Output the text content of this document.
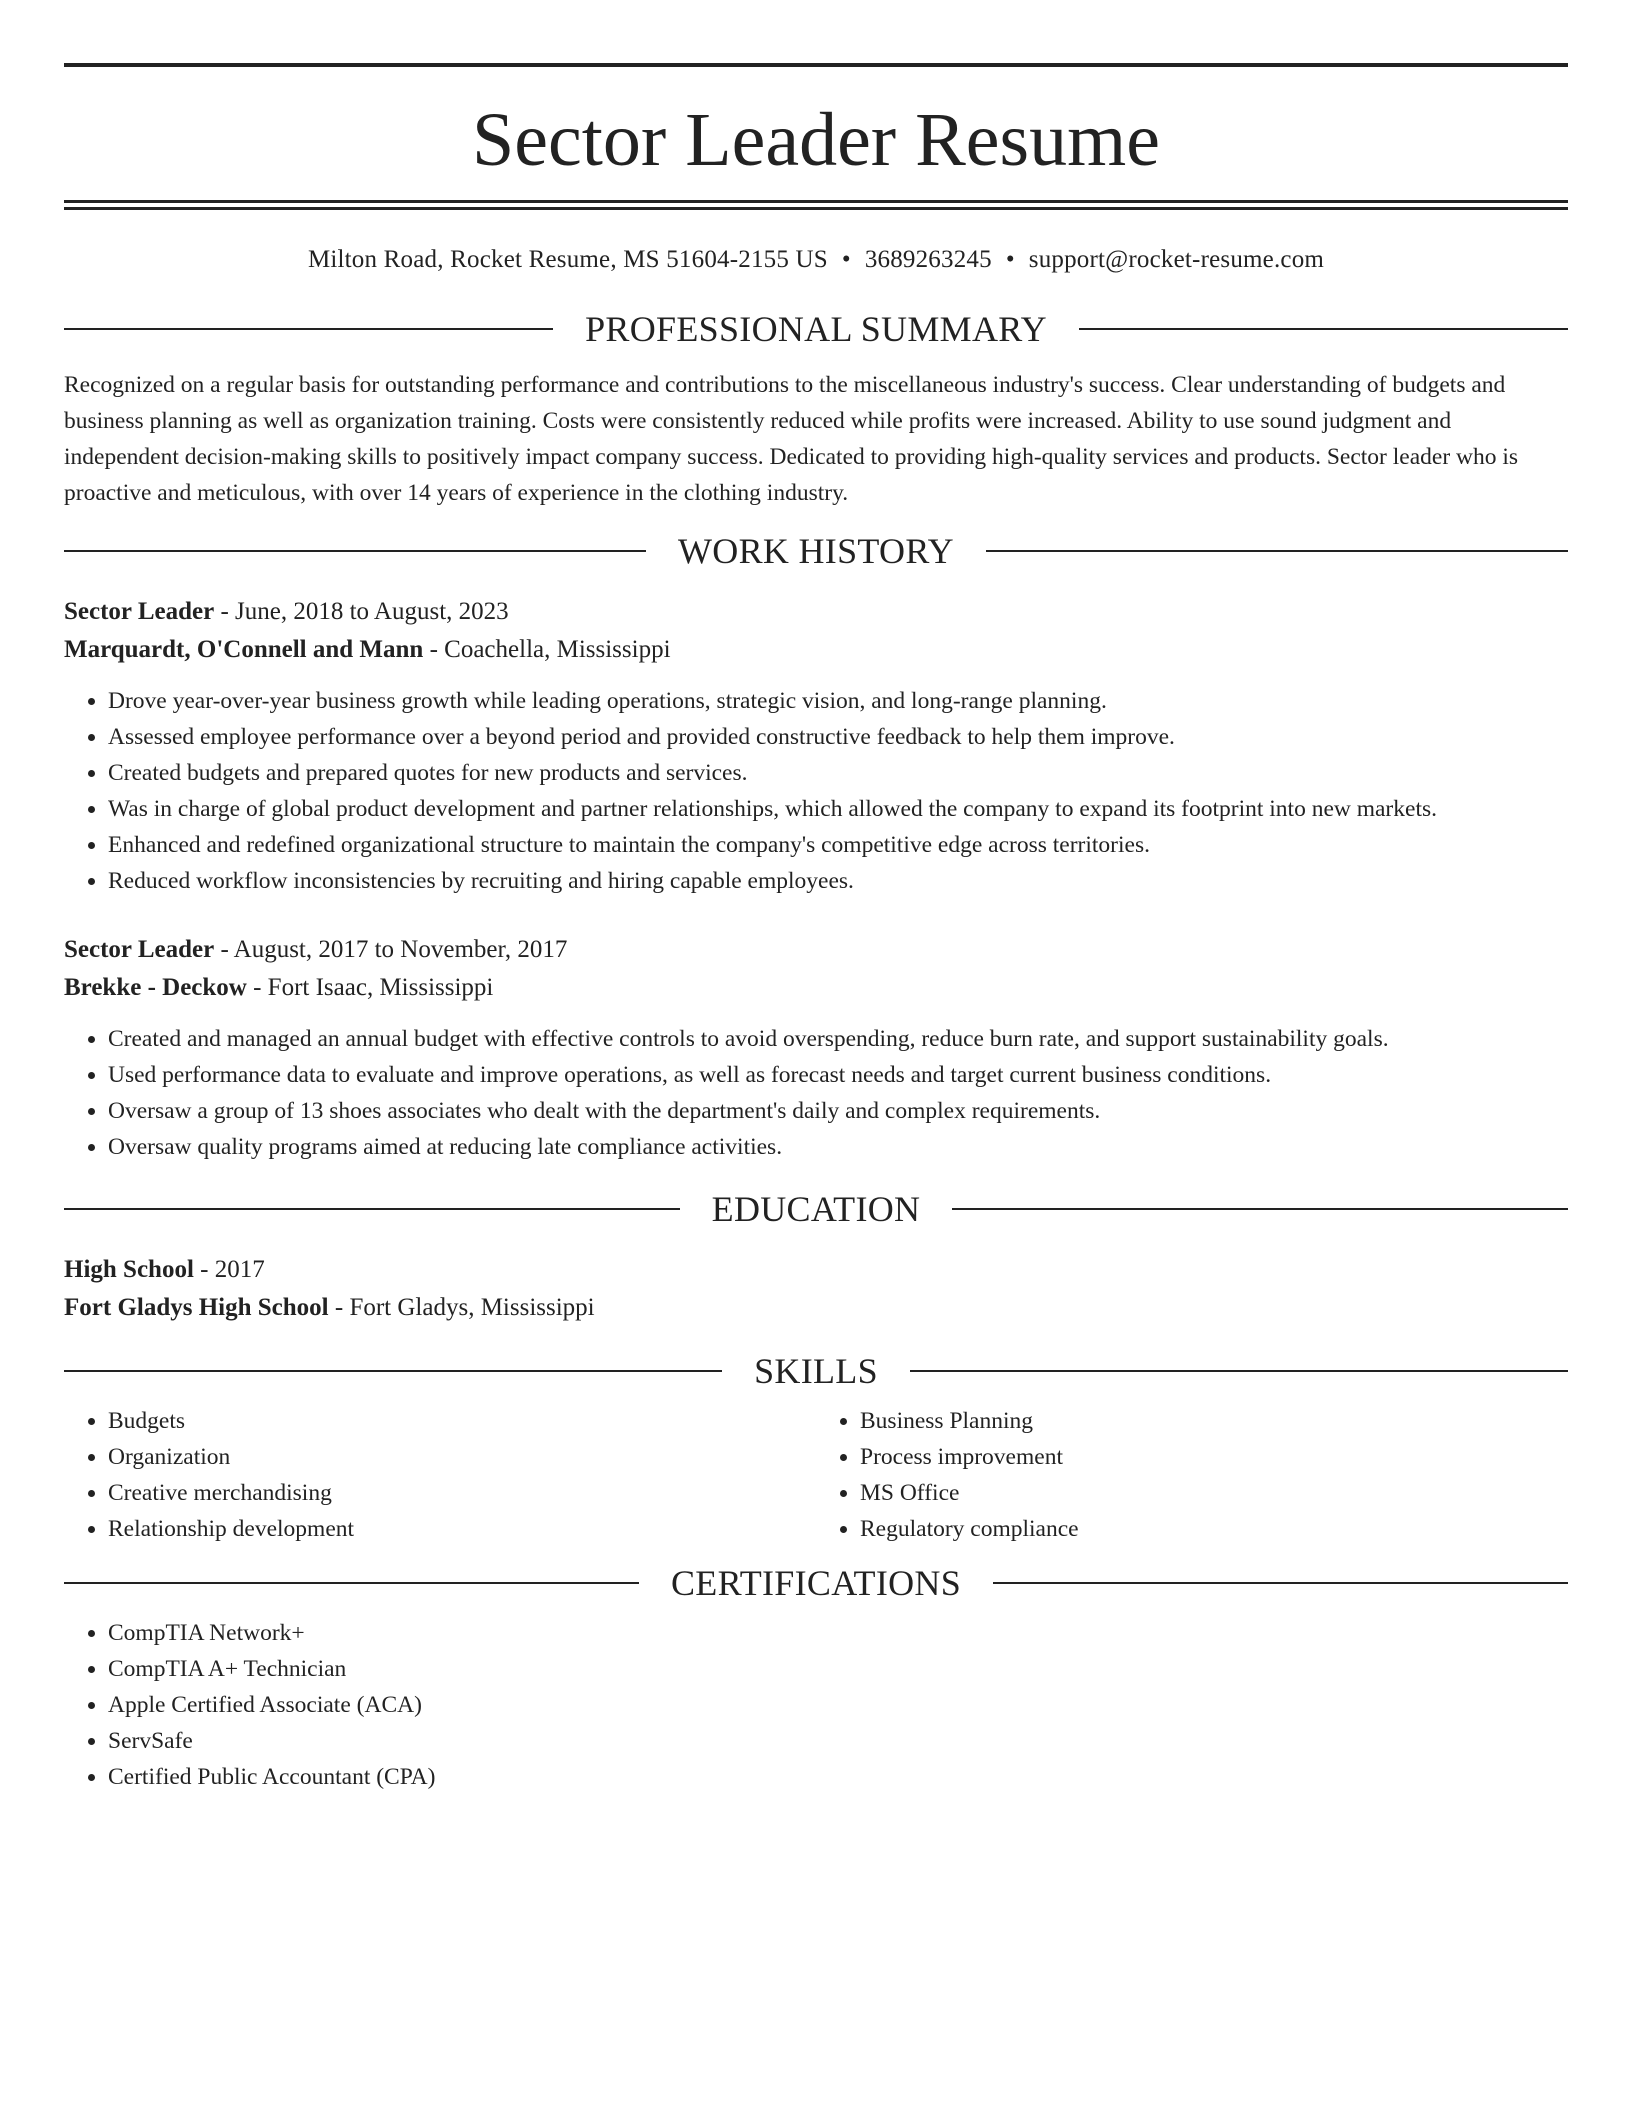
Sector Leader Resume
Milton Road, Rocket Resume, MS 51604-2155 US • 3689263245 • support@rocket-resume.com
PROFESSIONAL SUMMARY
Recognized on a regular basis for outstanding performance and contributions to the miscellaneous industry's success. Clear understanding of budgets and business planning as well as organization training. Costs were consistently reduced while profits were increased. Ability to use sound judgment and independent decision-making skills to positively impact company success. Dedicated to providing high-quality services and products. Sector leader who is proactive and meticulous, with over 14 years of experience in the clothing industry.
WORK HISTORY
Sector Leader - June, 2018 to August, 2023
Marquardt, O'Connell and Mann - Coachella, Mississippi
• Drove year-over-year business growth while leading operations, strategic vision, and long-range planning.
• Assessed employee performance over a beyond period and provided constructive feedback to help them improve.
• Created budgets and prepared quotes for new products and services.
• Was in charge of global product development and partner relationships, which allowed the company to expand its footprint into new markets.
• Enhanced and redefined organizational structure to maintain the company's competitive edge across territories.
• Reduced workflow inconsistencies by recruiting and hiring capable employees.
Sector Leader - August, 2017 to November, 2017
Brekke - Deckow - Fort Isaac, Mississippi
• Created and managed an annual budget with effective controls to avoid overspending, reduce burn rate, and support sustainability goals.
• Used performance data to evaluate and improve operations, as well as forecast needs and target current business conditions.
• Oversaw a group of 13 shoes associates who dealt with the department's daily and complex requirements.
• Oversaw quality programs aimed at reducing late compliance activities.
EDUCATION
High School - 2017
Fort Gladys High School - Fort Gladys, Mississippi
SKILLS
• Budgets
• Organization
• Creative merchandising
• Relationship development
• Business Planning
• Process improvement
• MS Office
• Regulatory compliance
CERTIFICATIONS
• CompTIA Network+
• CompTIA A+ Technician
• Apple Certified Associate (ACA)
• ServSafe
• Certified Public Accountant (CPA)
